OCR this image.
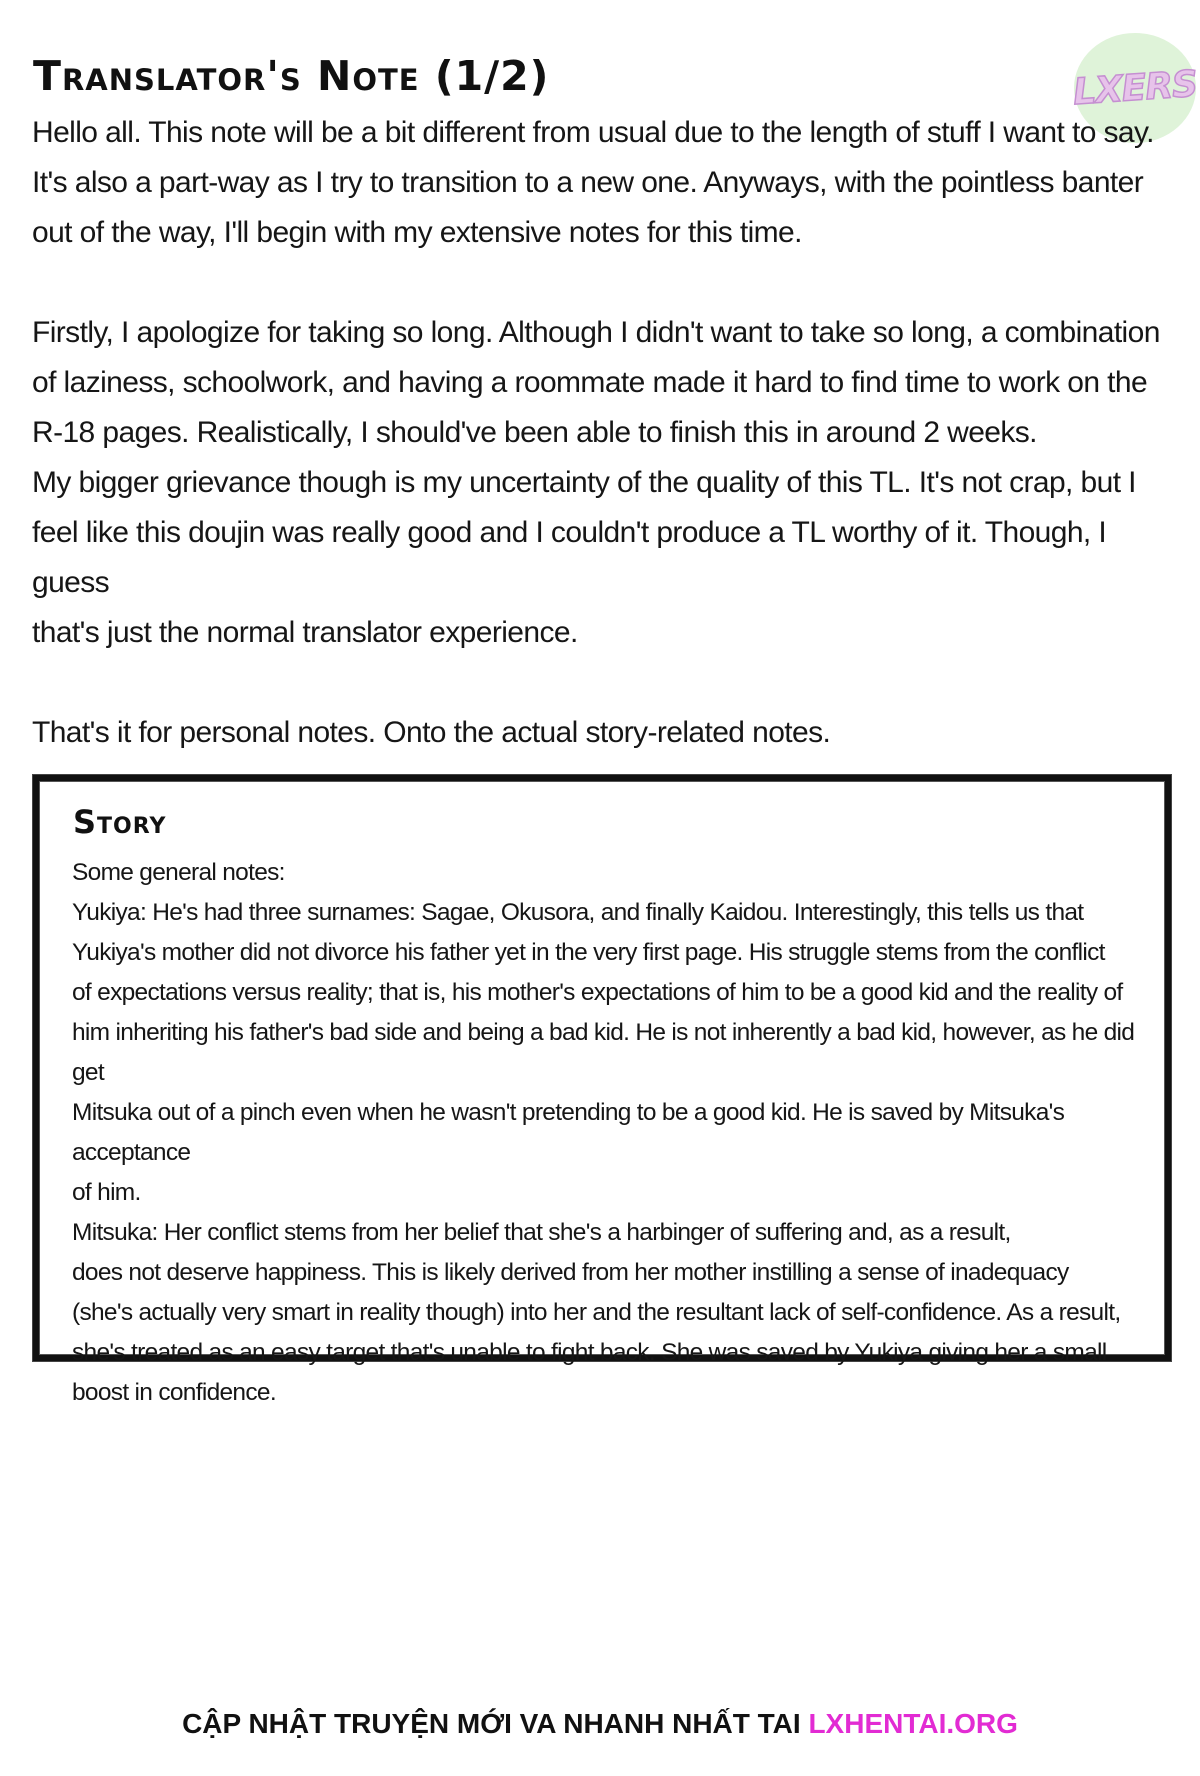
LXERS
Translator's Note (1/2)

Hello all. This note will be a bit different from usual due to the length of stuff I want to say.
It's also a part-way as I try to transition to a new one. Anyways, with the pointless banter
out of the way, I'll begin with my extensive notes for this time.

Firstly, I apologize for taking so long. Although I didn't want to take so long, a combination
of laziness, schoolwork, and having a roommate made it hard to find time to work on the
R-18 pages. Realistically, I should've been able to finish this in around 2 weeks.
My bigger grievance though is my uncertainty of the quality of this TL. It's not crap, but I
feel like this doujin was really good and I couldn't produce a TL worthy of it. Though, I guess
that's just the normal translator experience.

That's it for personal notes. Onto the actual story-related notes.

Story

Some general notes:

Yukiya: He's had three surnames: Sagae, Okusora, and finally Kaidou. Interestingly, this tells us that
Yukiya's mother did not divorce his father yet in the very first page. His struggle stems from the conflict
of expectations versus reality; that is, his mother's expectations of him to be a good kid and the reality of
him inheriting his father's bad side and being a bad kid. He is not inherently a bad kid, however, as he did get
Mitsuka out of a pinch even when he wasn't pretending to be a good kid. He is saved by Mitsuka's acceptance
of him.

Mitsuka: Her conflict stems from her belief that she's a harbinger of suffering and, as a result,
does not deserve happiness. This is likely derived from her mother instilling a sense of inadequacy
(she's actually very smart in reality though) into her and the resultant lack of self-confidence. As a result,
she's treated as an easy target that's unable to fight back. She was saved by Yukiya giving her a small
boost in confidence.

CẬP NHẬT TRUYỆN MỚI VA NHANH NHẤT TAI LXHENTAI.ORG
